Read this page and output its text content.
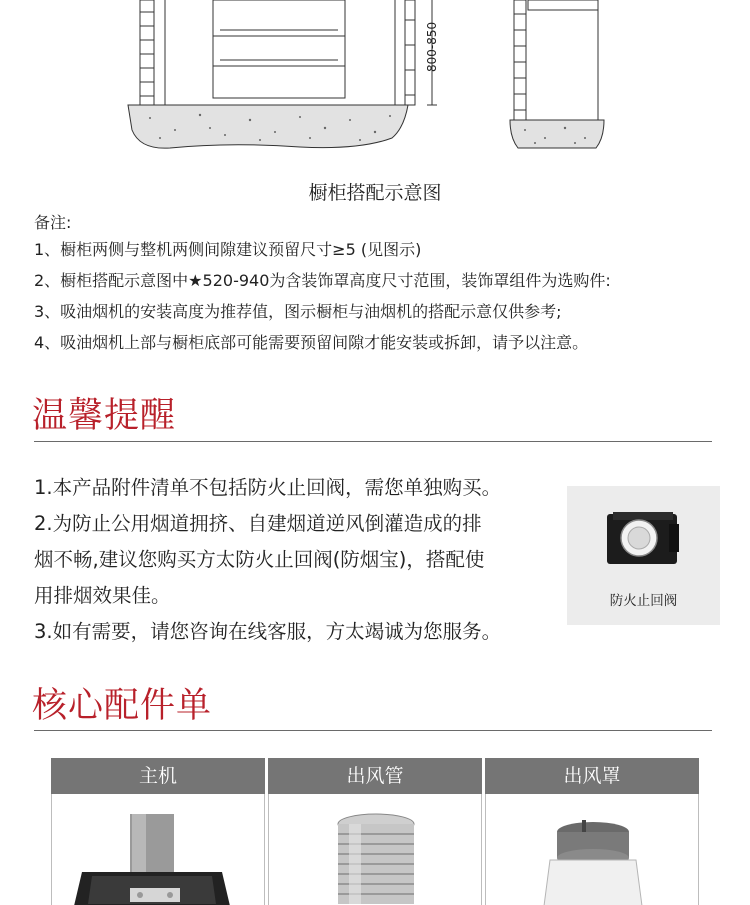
800-850
橱柜搭配示意图
备注:
1、橱柜两侧与整机两侧间隙建议预留尺寸≥5 (见图示)
2、橱柜搭配示意图中★520-940为含装饰罩高度尺寸范围，装饰罩组件为选购件:
3、吸油烟机的安装高度为推荐值，图示橱柜与油烟机的搭配示意仅供参考;
4、吸油烟机上部与橱柜底部可能需要预留间隙才能安装或拆卸，请予以注意。
温馨提醒
1.本产品附件清单不包括防火止回阀，需您单独购买。
2.为防止公用烟道拥挤、自建烟道逆风倒灌造成的排
烟不畅,建议您购买方太防火止回阀(防烟宝)，搭配使
用排烟效果佳。
3.如有需要，请您咨询在线客服，方太竭诚为您服务。
防火止回阀
核心配件单
主机	出风管	出风罩
